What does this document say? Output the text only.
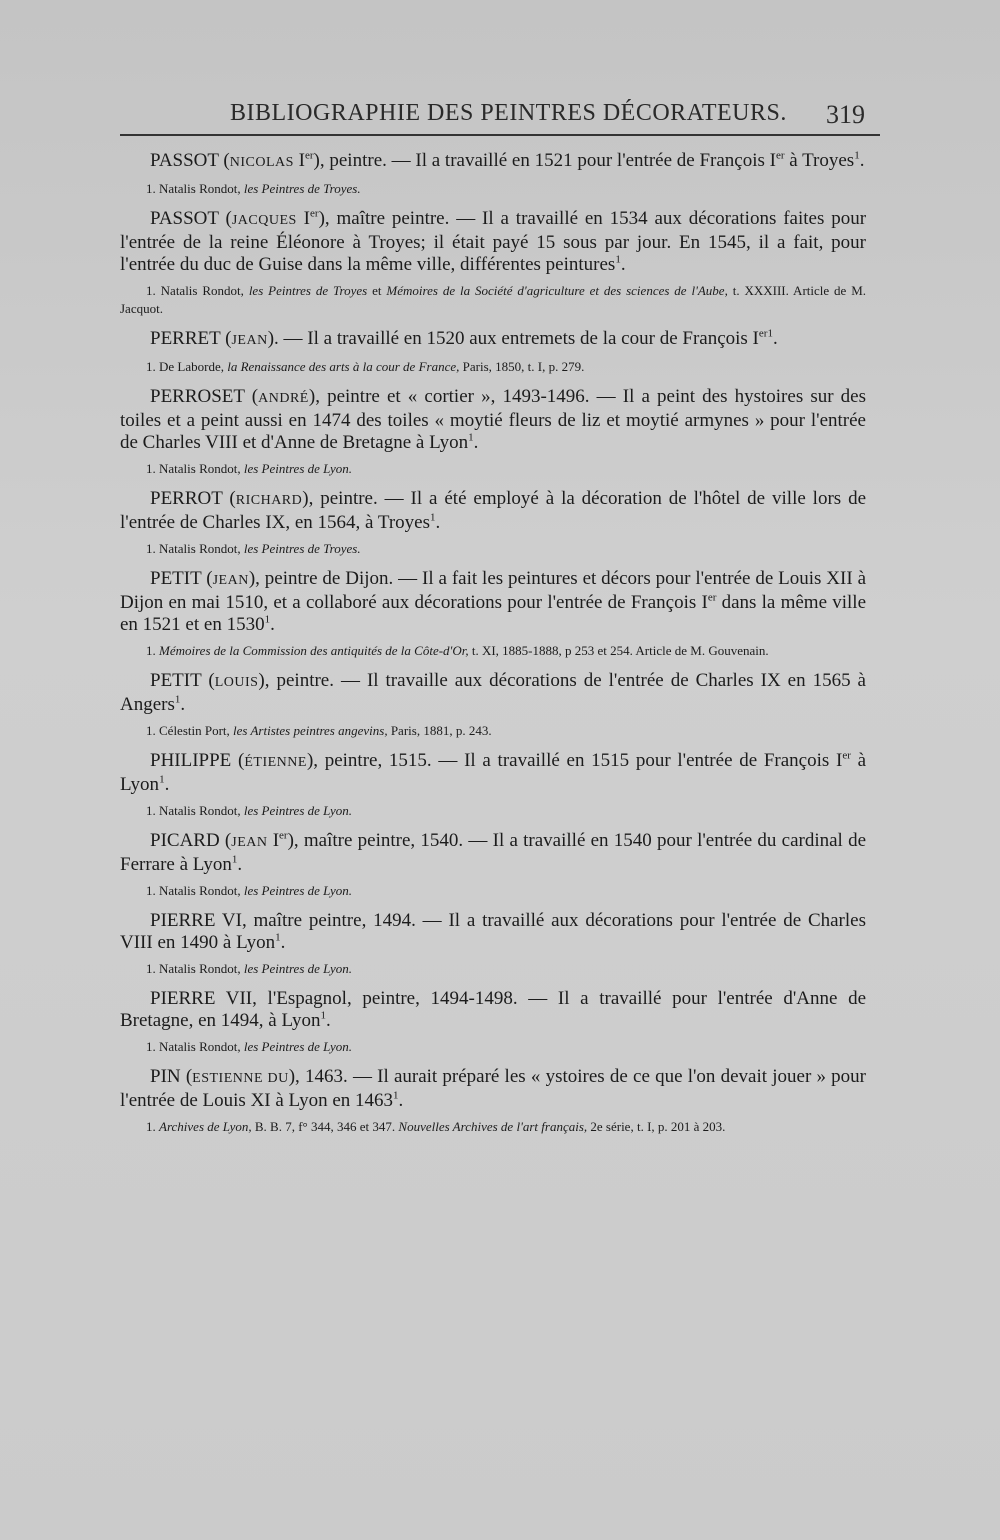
BIBLIOGRAPHIE DES PEINTRES DÉCORATEURS. 319

PASSOT (NICOLAS Ier), peintre. — Il a travaillé en 1521 pour l'entrée de François Ier à Troyes$^1$.

1. Natalis Rondot, les Peintres de Troyes.

PASSOT (JACQUES Ier), maître peintre. — Il a travaillé en 1534 aux décorations faites pour l'entrée de la reine Éléonore à Troyes; il était payé 15 sous par jour. En 1545, il a fait, pour l'entrée du duc de Guise dans la même ville, différentes peintures$^1$.

1. Natalis Rondot, les Peintres de Troyes et Mémoires de la Société d'agriculture et des sciences de l'Aube, t. XXXIII. Article de M. Jacquot.

PERRET (JEAN). — Il a travaillé en 1520 aux entremets de la cour de François $I^{er1}$.

1. De Laborde, la Renaissance des arts à la cour de France, Paris, 1850, t. I, p. 279.

PERROSET (ANDRÉ), peintre et « cortier », 1493-1496. — Il a peint des hystoires sur des toiles et a peint aussi en 1474 des toiles « moytié fleurs de liz et moytié armynes » pour l'entrée de Charles VIII et d'Anne de Bretagne à Lyon$^1$.

1. Natalis Rondot, les Peintres de Lyon.

PERROT (RICHARD), peintre. — Il a été employé à la décoration de l'hôtel de ville lors de l'entrée de Charles IX, en 1564, à Troyes$^1$.

1. Natalis Rondot, les Peintres de Troyes.

PETIT (JEAN), peintre de Dijon. — Il a fait les peintures et décors pour l'entrée de Louis XII à Dijon en mai 1510, et a collaboré aux décorations pour l'entrée de François Ier dans la même ville en 1521 et en 1530$^1$.

1. Mémoires de la Commission des antiquités de la Côte-d'Or, t. XI, 1885-1888, p 253 et 254. Article de M. Gouvenain.

PETIT (LOUIS), peintre. — Il travaille aux décorations de l'entrée de Charles IX en 1565 à Angers$^1$.

1. Célestin Port, les Artistes peintres angevins, Paris, 1881, p. 243.

PHILIPPE (ÉTIENNE), peintre, 1515. — Il a travaillé en 1515 pour l'entrée de François Ier à Lyon$^1$.

1. Natalis Rondot, les Peintres de Lyon.

PICARD (JEAN Ier), maître peintre, 1540. — Il a travaillé en 1540 pour l'entrée du cardinal de Ferrare à Lyon$^1$.

1. Natalis Rondot, les Peintres de Lyon.

PIERRE VI, maître peintre, 1494. — Il a travaillé aux décorations pour l'entrée de Charles VIII en 1490 à Lyon$^1$.

1. Natalis Rondot, les Peintres de Lyon.

PIERRE VII, l'Espagnol, peintre, 1494-1498. — Il a travaillé pour l'entrée d'Anne de Bretagne, en 1494, à Lyon$^1$.

1. Natalis Rondot, les Peintres de Lyon.

PIN (ESTIENNE DU), 1463. — Il aurait préparé les « ystoires de ce que l'on devait jouer » pour l'entrée de Louis XI à Lyon en 1463$^1$.

1. Archives de Lyon, B. B. 7, f° 344, 346 et 347. Nouvelles Archives de l'art français, 2e série, t. I, p. 201 à 203.
